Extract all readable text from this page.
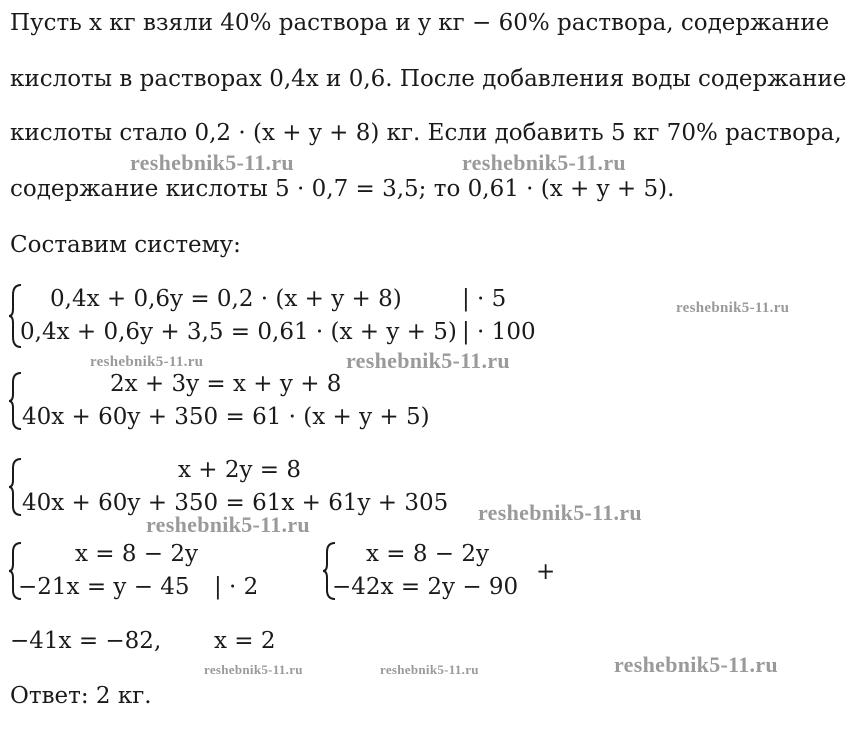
Пусть x кг взяли 40% раствора и y кг − 60% раствора, содержание
кислоты в растворах 0,4x и 0,6. После добавления воды содержание
кислоты стало 0,2 · (x + y + 8) кг. Если добавить 5 кг 70% раствора,
содержание кислоты 5 · 0,7 = 3,5; то 0,61 · (x + y + 5).
Составим систему:
0,4x + 0,6y = 0,2 · (x + y + 8)	| · 5
0,4x + 0,6y + 3,5 = 0,61 · (x + y + 5) | · 100
2x + 3y = x + y + 8
40x + 60y + 350 = 61 · (x + y + 5)
x + 2y = 8
40x + 60y + 350 = 61x + 61y + 305
x = 8 − 2y
−21x = y − 45 | · 2
x = 8 − 2y
−42x = 2y − 90
+
−41x = −82, x = 2
Ответ: 2 кг.
reshebnik5-11.ru	reshebnik5-11.ru
reshebnik5-11.ru
reshebnik5-11.ru	reshebnik5-11.ru
reshebnik5-11.ru
reshebnik5-11.ru
reshebnik5-11.ru
reshebnik5-11.ru	reshebnik5-11.ru
